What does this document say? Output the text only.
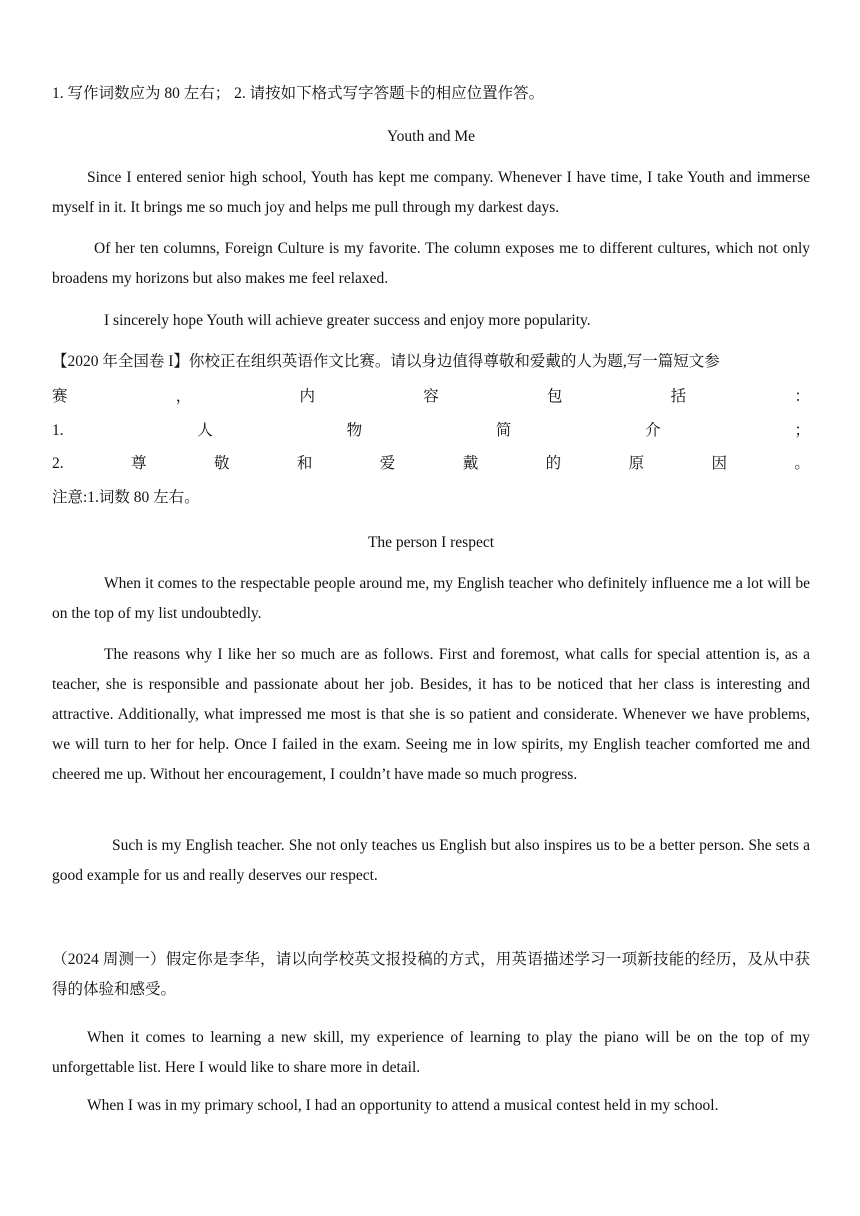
1. 写作词数应为 80 左右； 2. 请按如下格式写字答题卡的相应位置作答。
Youth and Me
Since I entered senior high school, Youth has kept me company. Whenever I have time, I take Youth and immerse myself in it. It brings me so much joy and helps me pull through my darkest days.
Of her ten columns, Foreign Culture is my favorite. The column exposes me to different cultures, which not only broadens my horizons but also makes me feel relaxed.
I sincerely hope Youth will achieve greater success and enjoy more popularity.
【2020 年全国卷 I】你校正在组织英语作文比赛。请以身边值得尊敬和爱戴的人为题,写一篇短文参
赛	，	内	容	包	括	：
1.	人	物	简	介	；
2.	尊	敬	和	爱	戴	的	原	因	。
注意:1.词数 80 左右。
The person I respect
When it comes to the respectable people around me, my English teacher who definitely influence me a lot will be on the top of my list undoubtedly.
The reasons why I like her so much are as follows. First and foremost, what calls for special attention is, as a teacher, she is responsible and passionate about her job. Besides, it has to be noticed that her class is interesting and attractive. Additionally, what impressed me most is that she is so patient and considerate. Whenever we have problems, we will turn to her for help. Once I failed in the exam. Seeing me in low spirits, my English teacher comforted me and cheered me up. Without her encouragement, I couldn’t have made so much progress.
Such is my English teacher. She not only teaches us English but also inspires us to be a better person. She sets a good example for us and really deserves our respect.
（2024 周测一）假定你是李华，请以向学校英文报投稿的方式，用英语描述学习一项新技能的经历，及从中获得的体验和感受。
When it comes to learning a new skill, my experience of learning to play the piano will be on the top of my unforgettable list. Here I would like to share more in detail.
When I was in my primary school, I had an opportunity to attend a musical contest held in my school.
